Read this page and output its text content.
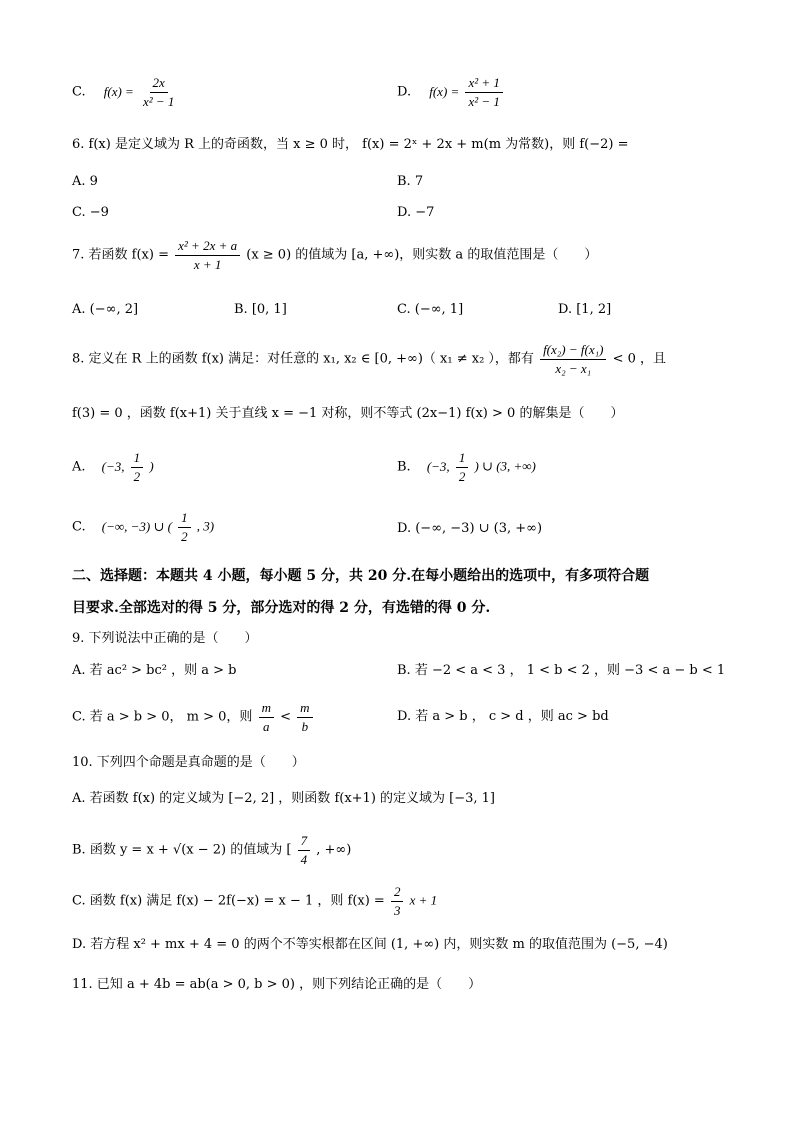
C. $f(x) = \frac{2x}{\text{x² − 1}}$	D. $f(x) = \frac{\text{x² + 1}}{\text{x² − 1}}$
6. f(x) 是定义域为 R 上的奇函数，当 x ≥ 0 时， f(x) = 2ˣ + 2x + m(m 为常数)，则 f(−2) =
A. 9	B. 7
C. −9	D. −7
7. 若函数 $f(x) = \frac{\text{x² + 2x + a}}{x + 1} (x \ge 0)$ 的值域为 [a, +∞)，则实数 a 的取值范围是（　　）
A. (−∞, 2]	B. [0, 1]	C. (−∞, 1]	D. [1, 2]
8. 定义在 R 上的函数 f(x) 满足：对任意的 x₁, x₂ ∈ [0, +∞)（ x₁ ≠ x₂ ），都有 $\frac{\text{f(x₂) − f(x₁)}}{\text{x₂ − x₁}} < 0$ ，且
f(3) = 0 ，函数 f(x+1) 关于直线 x = −1 对称，则不等式 (2x−1) f(x) > 0 的解集是（　　）
A. (−3, $\frac{1}{2}$ )	B. (−3, $\frac{1}{2}$ ) ∪ (3, +∞)
C. (−∞, −3) ∪ ( $\frac{1}{2}$ , 3)	D. (−∞, −3) ∪ (3, +∞)
二、选择题：本题共 4 小题，每小题 5 分，共 20 分.在每小题给出的选项中，有多项符合题
目要求.全部选对的得 5 分，部分选对的得 2 分，有选错的得 0 分.
9. 下列说法中正确的是（　　）
A. 若 ac² > bc² ，则 a > b	B. 若 −2 < a < 3 ， 1 < b < 2 ，则 −3 < a − b < 1
C. 若 a > b > 0， m > 0，则 $\frac{m}{a} < \frac{m}{b}$	D. 若 a > b ， c > d ，则 ac > bd
10. 下列四个命题是真命题的是（　　）
A. 若函数 f(x) 的定义域为 [−2, 2] ，则函数 f(x+1) 的定义域为 [−3, 1]
B. 函数 y = x + √(x − 2) 的值域为 [ $\frac{7}{4}$ , +∞)
C. 函数 f(x) 满足 f(x) − 2f(−x) = x − 1 ，则 $f(x) = \frac{2}{3}$ x + 1
D. 若方程 x² + mx + 4 = 0 的两个不等实根都在区间 (1, +∞) 内，则实数 m 的取值范围为 (−5, −4)
11. 已知 a + 4b = ab(a > 0, b > 0) ，则下列结论正确的是（　　）
